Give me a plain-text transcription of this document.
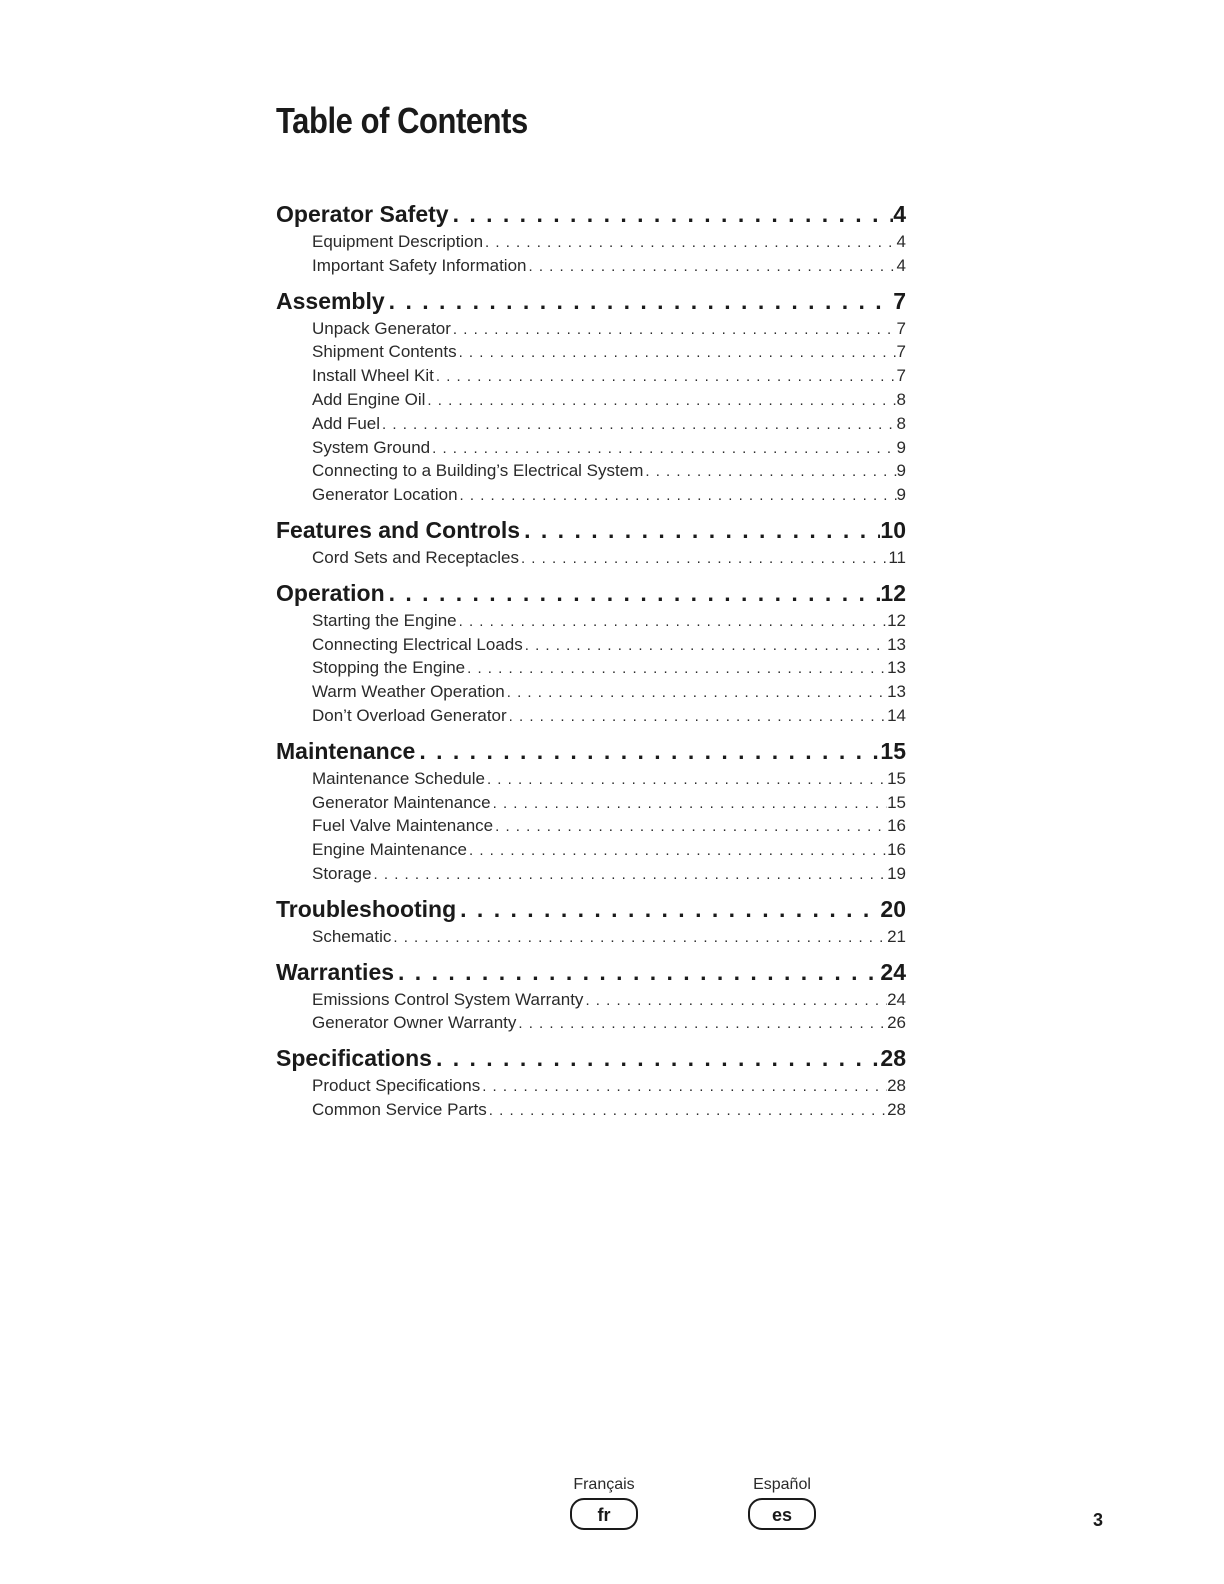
Table of Contents
Operator Safety . . .	4
Equipment Description . . .	4
Important Safety Information . . .	4
Assembly . . .	7
Unpack Generator . . .	7
Shipment Contents . . .	7
Install Wheel Kit . . .	7
Add Engine Oil . . .	8
Add Fuel . . .	8
System Ground . . .	9
Connecting to a Building’s Electrical System . . .	9
Generator Location . . .	9
Features and Controls . . .	10
Cord Sets and Receptacles . . .	11
Operation . . .	12
Starting the Engine . . .	12
Connecting Electrical Loads . . .	13
Stopping the Engine . . .	13
Warm Weather Operation . . .	13
Don’t Overload Generator . . .	14
Maintenance . . .	15
Maintenance Schedule . . .	15
Generator Maintenance . . .	15
Fuel Valve Maintenance . . .	16
Engine Maintenance . . .	16
Storage . . .	19
Troubleshooting . . .	20
Schematic . . .	21
Warranties . . .	24
Emissions Control System Warranty . . .	24
Generator Owner Warranty . . .	26
Specifications . . .	28
Product Specifications . . .	28
Common Service Parts . . .	28
Français
fr
Español
es	3
